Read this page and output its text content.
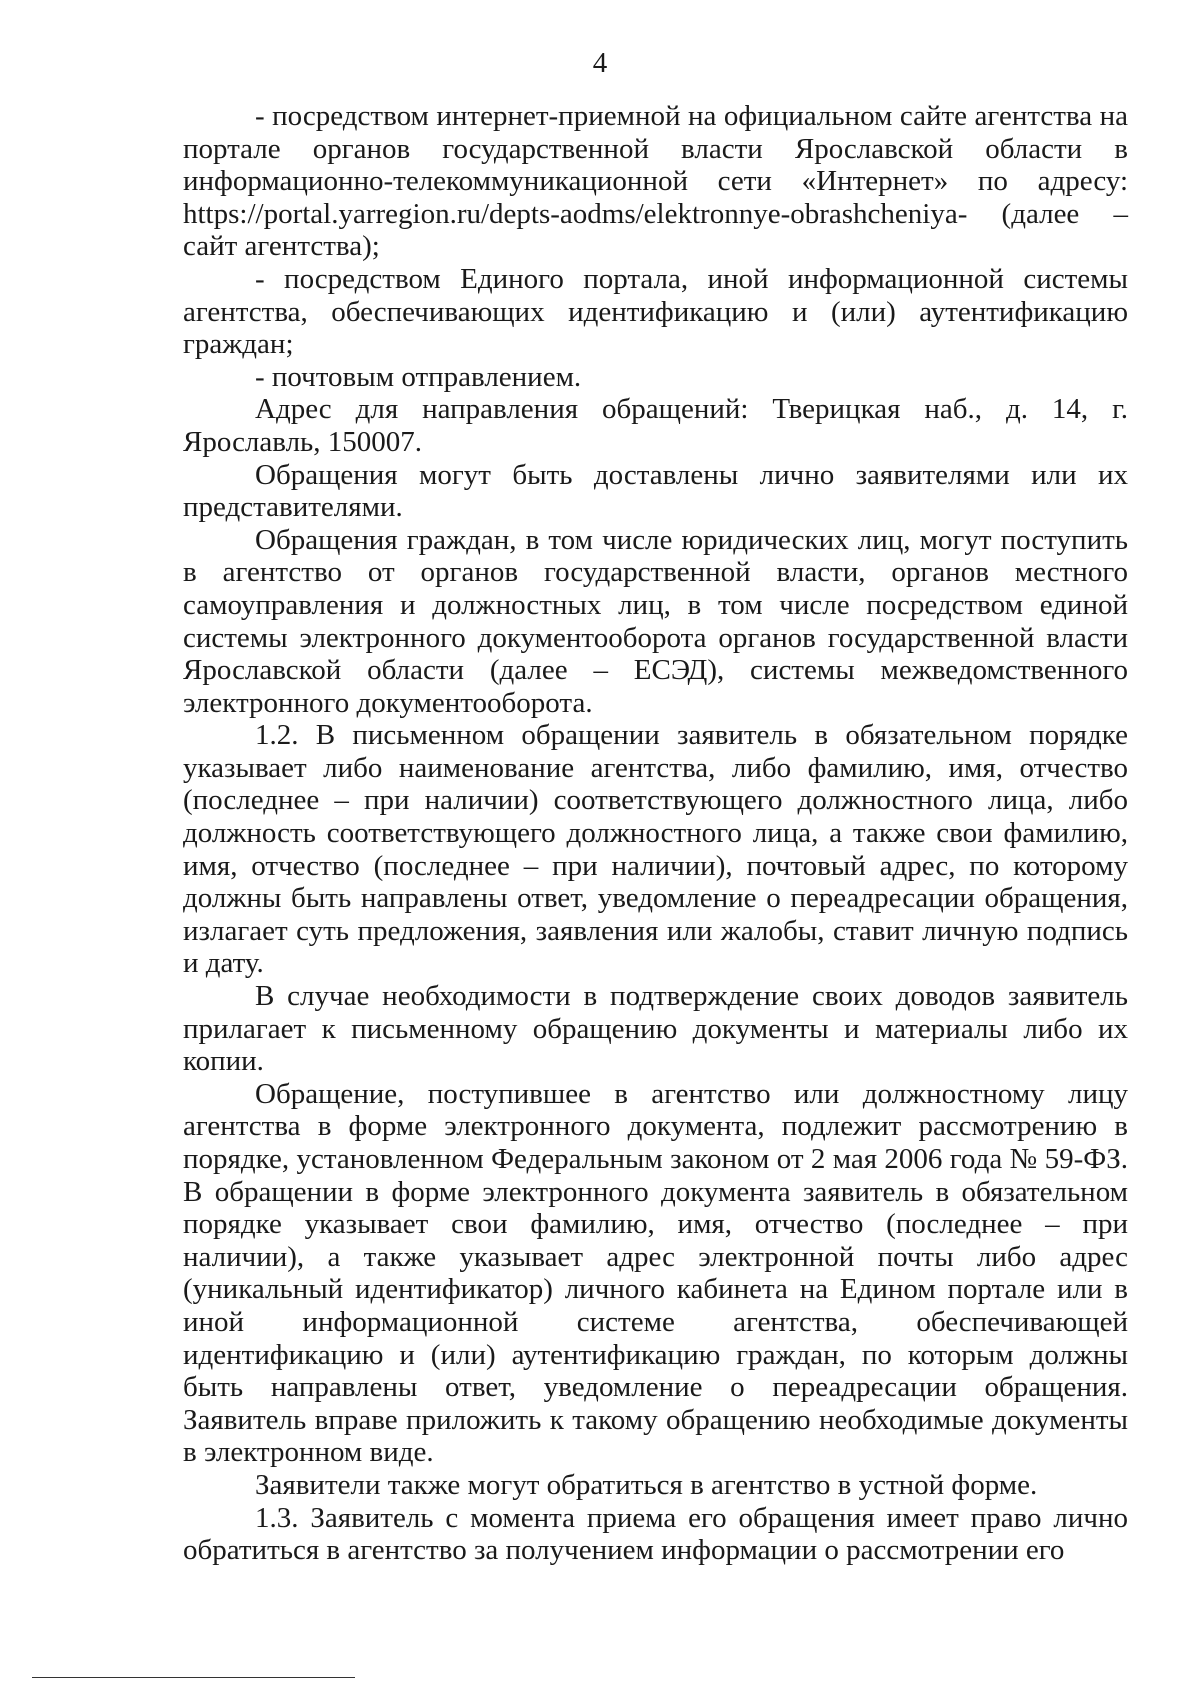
4

- посредством интернет-приемной на официальном сайте агентства на портале органов государственной власти Ярославской области в информационно-телекоммуникационной сети «Интернет» по адресу: https://portal.yarregion.ru/depts-aodms/elektronnye-obrashcheniya- (далее – сайт агентства);

- посредством Единого портала, иной информационной системы агентства, обеспечивающих идентификацию и (или) аутентификацию граждан;

- почтовым отправлением.

Адрес для направления обращений: Тверицкая наб., д. 14, г. Ярославль, 150007.

Обращения могут быть доставлены лично заявителями или их представителями.

Обращения граждан, в том числе юридических лиц, могут поступить в агентство от органов государственной власти, органов местного самоуправления и должностных лиц, в том числе посредством единой системы электронного документооборота органов государственной власти Ярославской области (далее – ЕСЭД), системы межведомственного электронного документооборота.

1.2. В письменном обращении заявитель в обязательном порядке указывает либо наименование агентства, либо фамилию, имя, отчество (последнее – при наличии) соответствующего должностного лица, либо должность соответствующего должностного лица, а также свои фамилию, имя, отчество (последнее – при наличии), почтовый адрес, по которому должны быть направлены ответ, уведомление о переадресации обращения, излагает суть предложения, заявления или жалобы, ставит личную подпись и дату.

В случае необходимости в подтверждение своих доводов заявитель прилагает к письменному обращению документы и материалы либо их копии.

Обращение, поступившее в агентство или должностному лицу агентства в форме электронного документа, подлежит рассмотрению в порядке, установленном Федеральным законом от 2 мая 2006 года № 59-ФЗ. В обращении в форме электронного документа заявитель в обязательном порядке указывает свои фамилию, имя, отчество (последнее – при наличии), а также указывает адрес электронной почты либо адрес (уникальный идентификатор) личного кабинета на Едином портале или в иной информационной системе агентства, обеспечивающей идентификацию и (или) аутентификацию граждан, по которым должны быть направлены ответ, уведомление о переадресации обращения. Заявитель вправе приложить к такому обращению необходимые документы в электронном виде.

Заявители также могут обратиться в агентство в устной форме.

1.3. Заявитель с момента приема его обращения имеет право лично обратиться в агентство за получением информации о рассмотрении его
